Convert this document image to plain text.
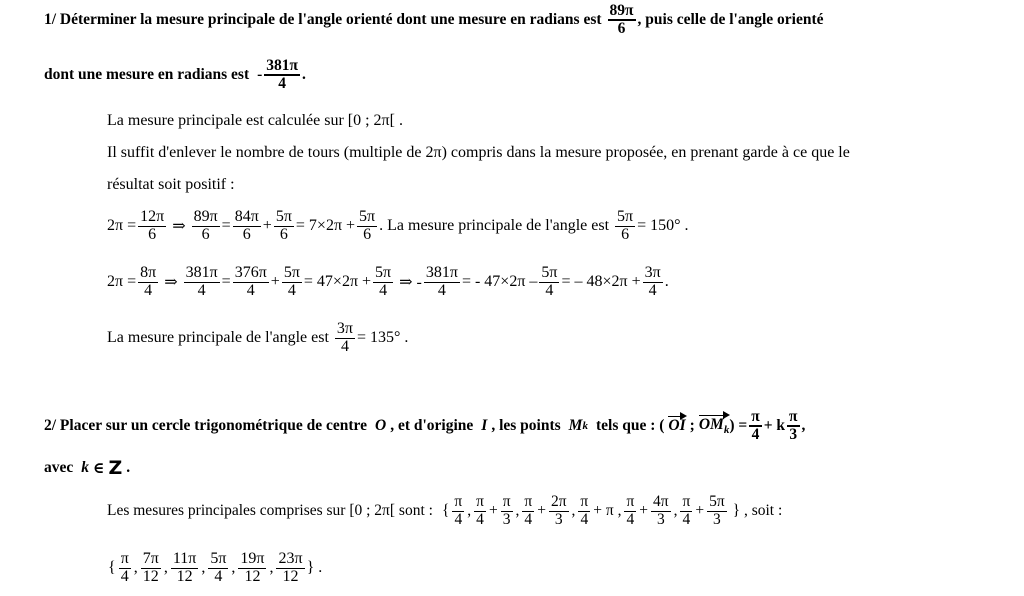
1/ Déterminer la mesure principale de l'angle orienté dont une mesure en radians est $\frac{89\pi}{6}$ , puis celle de l'angle orienté
dont une mesure en radians est - $\frac{381\pi}{4}$ .
La mesure principale est calculée sur [0 ; 2π[ .
Il suffit d'enlever le nombre de tours (multiple de 2π) compris dans la mesure proposée, en prenant garde à ce que le
résultat soit positif :
$2\pi = \frac{12\pi}{6}$ ⇒ $\frac{89\pi}{6} = \frac{84\pi}{6} + \frac{5\pi}{6} = 7\times 2\pi + \frac{5\pi}{6}$ . La mesure principale de l'angle est $\frac{5\pi}{6} = 150^\circ$ .
$2\pi = \frac{8\pi}{4}$ ⇒ $\frac{381\pi}{4} = \frac{376\pi}{4} + \frac{5\pi}{4} = 47\times 2\pi + \frac{5\pi}{4}$ ⇒ - $\frac{381\pi}{4}$ = - $47\times 2\pi - \frac{5\pi}{4}$ = – $48\times 2\pi + \frac{3\pi}{4}$ .
La mesure principale de l'angle est $\frac{3\pi}{4} = 135^\circ$ .
2/ Placer sur un cercle trigonométrique de centre O , et d'origine I , les points M k tels que : ( OI ; $OM_k$ ) = $\frac{\pi}{4} + k \frac{\pi}{3}$ ,
avec k ∈ Z .
Les mesures principales comprises sur [0 ; 2π[ sont : { $\frac{\pi}{4}$ , $\frac{\pi}{4} + \frac{\pi}{3}$ , $\frac{\pi}{4} + \frac{2\pi}{3}$ , $\frac{\pi}{4} + \pi$ , $\frac{\pi}{4} + \frac{4\pi}{3}$ , $\frac{\pi}{4} + \frac{5\pi}{3}$ } , soit :
{ $\frac{\pi}{4}$ , $\frac{7\pi}{12}$ , $\frac{11\pi}{12}$ , $\frac{5\pi}{4}$ , $\frac{19\pi}{12}$ , $\frac{23\pi}{12}$ } .
